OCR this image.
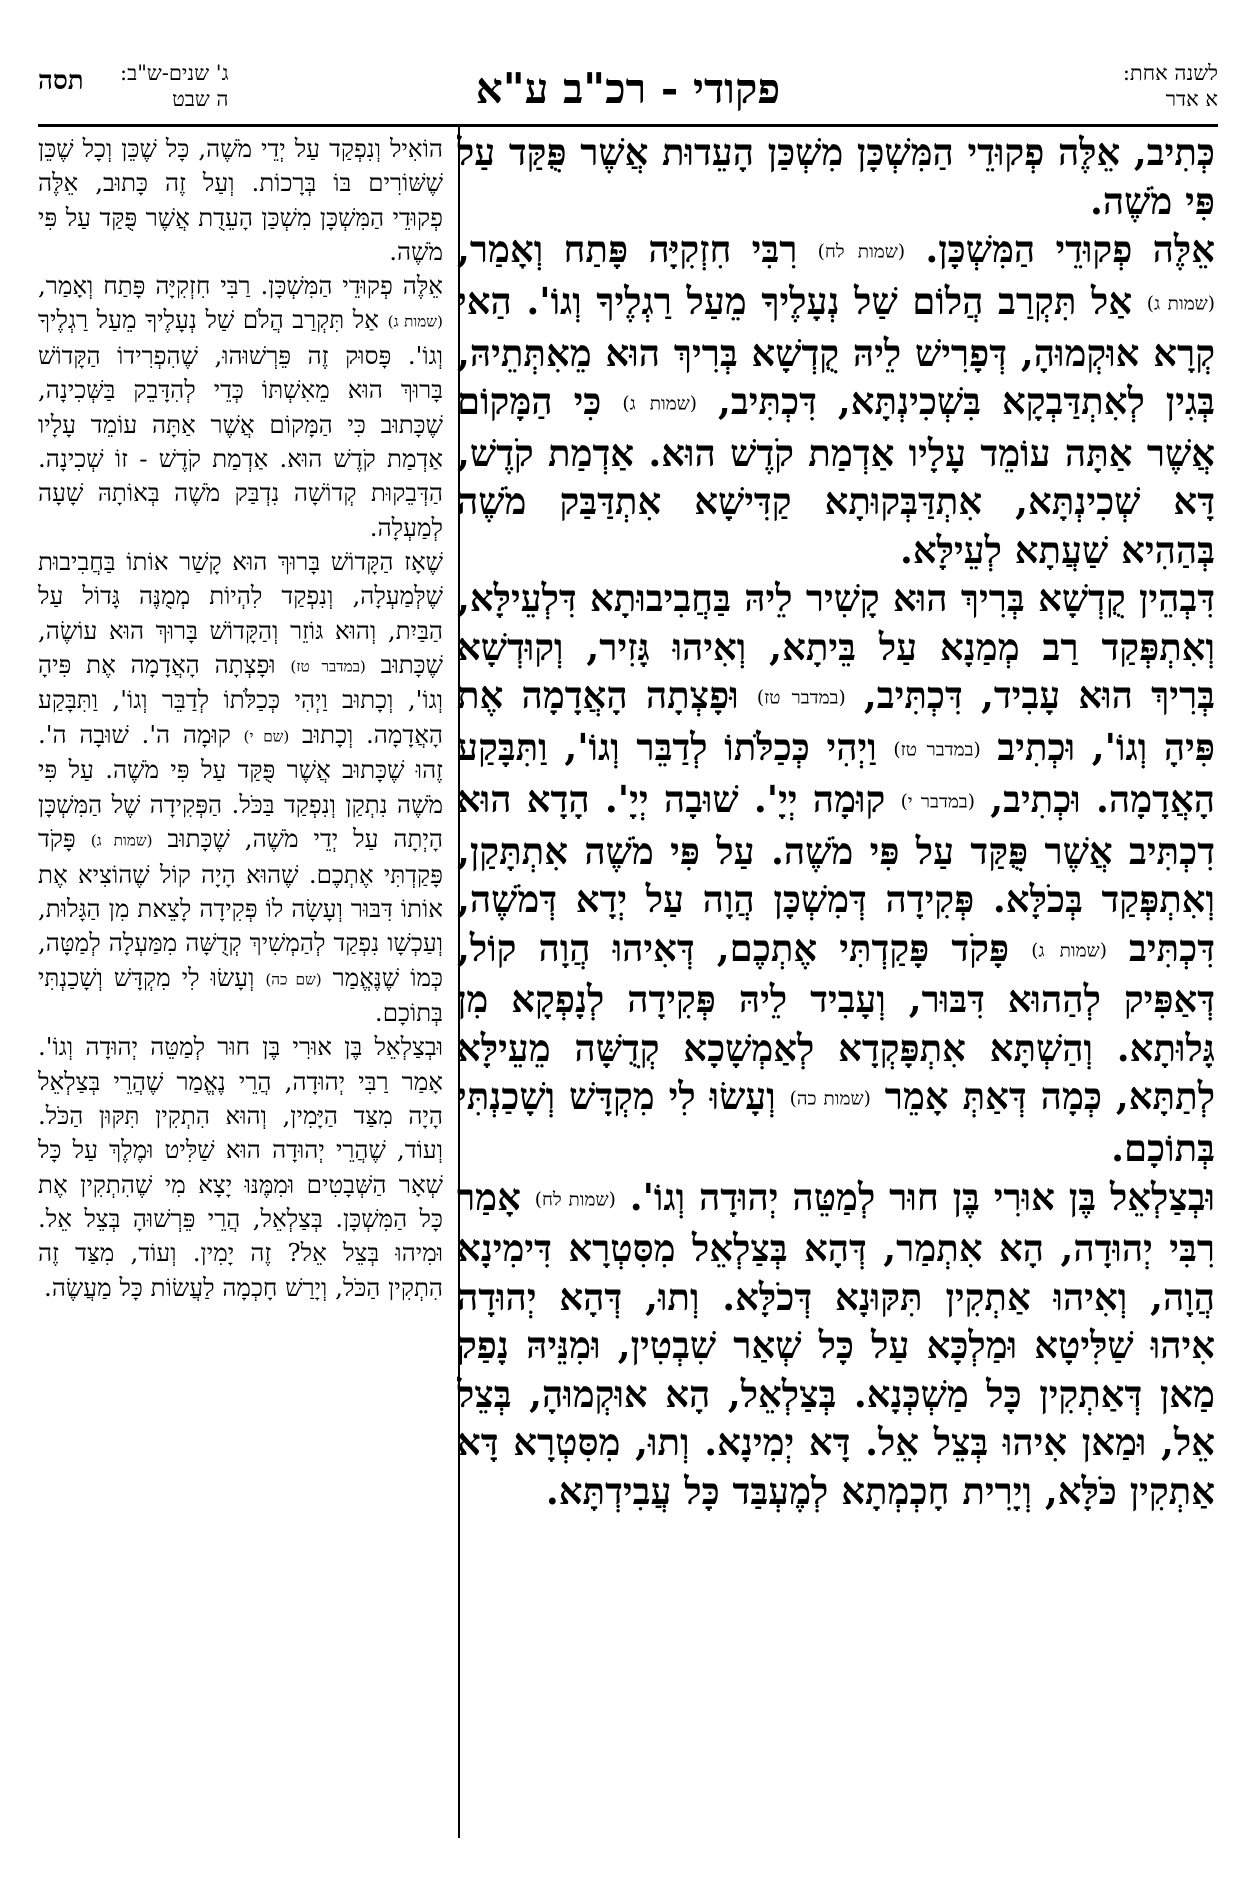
לשנה אחת:
א אדר
פקודי - רכ"ב ע"א
ג' שנים-ש"ב:
ה שבט
תסה

כְּתִיב, אֵלֶּה פְקוּדֵי הַמִּשְׁכָּן מִשְׁכַּן הָעֵדוּת אֲשֶׁר פֻּקַּד עַל פִּי מֹשֶׁה.

אֵלֶּה פְקוּדֵי הַמִּשְׁכָּן. (שמות לח) רִבִּי חִזְקִיָּה פָּתַח וְאָמַר, (שמות ג) אַל תִּקְרַב הֲלוֹם שַׁל נְעָלֶיךָ מֵעַל רַגְלֶיךָ וְגוֹ'. הַאי קְרָא אוּקְמוּהָ, דְּפָרִישׁ לֵיהּ קֻדְשָׁא בְּרִיךְ הוּא מֵאִתְּתֵיהּ, בְּגִין לְאִתְדַּבְקָא בִּשְׁכִינְתָּא, דִּכְתִּיב, (שמות ג) כִּי הַמָּקוֹם אֲשֶׁר אַתָּה עוֹמֵד עָלָיו אַדְמַת קֹדֶשׁ הוּא. אַדְמַת קֹדֶשׁ, דָּא שְׁכִינְתָּא, אִתְדַּבְּקוּתָא קַדִּישָׁא אִתְדַּבַּק מֹשֶׁה בְּהַהִיא שַׁעֲתָא לְעֵילָּא.

דִּבְהֵין קֻדְשָׁא בְּרִיךְ הוּא קָשִׁיר לֵיהּ בַּחֲבִיבוּתָא דִּלְעֵילָּא, וְאִתְפְּקַד רַב מְמַנָא עַל בֵּיתָא, וְאִיהוּ גָּזִיר, וְקוּדְשָׁא בְּרִיךְ הוּא עָבִיד, דִּכְתִּיב, (במדבר טז) וּפָצְתָה הָאֲדָמָה אֶת פִּיהָ וְגוֹ', וּכְתִיב (במדבר טז) וַיְהִי כְּכַלֹּתוֹ לְדַבֵּר וְגוֹ', וַתִּבָּקַע הָאֲדָמָה. וּכְתִיב, (במדבר י) קוּמָה יְיָ'. שׁוּבָה יְיָ'. הָדָא הוּא דִכְתִּיב אֲשֶׁר פֻּקַּד עַל פִּי מֹשֶׁה. עַל פִּי מֹשֶׁה אִתְתָּקַן, וְאִתְפְּקַד בְּכֹלָּא. פְּקִידָה דְּמִשְׁכָּן הֲוָה עַל יְדָא דְּמֹשֶׁה, דִּכְתִּיב (שמות ג) פָּקֹד פָּקַדְתִּי אֶתְכֶם, דְּאִיהוּ הֲוָה קוֹל, דְּאַפִּיק לְהַהוּא דִּבּוּר, וְעָבִיד לֵיהּ פְּקִידָה לְנָפְקָא מִן גָּלוּתָא. וְהַשְׁתָּא אִתְפָּקְדָא לְאַמְשָׁכָא קְדֻשָּׁה מֵעֵילָּא לְתַתָּא, כְּמָה דְּאַתְּ אָמֵר (שמות כה) וְעָשׂוּ לִי מִקְדָּשׁ וְשָׁכַנְתִּי בְּתוֹכָם.

וּבְצַלְאֵל בֶּן אוּרִי בֶּן חוּר לְמַטֵּה יְהוּדָה וְגוֹ'. (שמות לח) אָמַר רִבִּי יְהוּדָה, הָא אִתְמַר, דְּהָא בְּצַלְאֵל מִסִּטְרָא דִּימִינָא הֲוָה, וְאִיהוּ אַתְקִין תִּקּוּנָא דְּכֹלָּא. וְתוּ, דְּהָא יְהוּדָה אִיהוּ שַׁלִּיטָא וּמַלְכָּא עַל כָּל שְׁאַר שִׁבְטִין, וּמִנֵּיהּ נָפַק מַאן דְּאַתְקִין כָּל מַשְׁכְּנָא. בְּצַלְאֵל, הָא אוּקְמוּהָ, בְּצֵל אֵל, וּמַאן אִיהוּ בְּצֵל אֵל. דָּא יְמִינָא. וְתוּ, מִסִּטְרָא דָּא אַתְקִין כֹּלָּא, וְיָרִית חָכְמְתָא לְמֶעְבַּד כָּל עֲבִידְתָּא.

הוֹאִיל וְנִפְקַד עַל יְדֵי מֹשֶׁה, כָּל שֶׁכֵּן וְכָל שֶׁכֵּן שֶׁשּׁוֹרִים בּוֹ בְּרָכוֹת. וְעַל זֶה כָּתוּב, אֵלֶּה פְקוּדֵי הַמִּשְׁכָּן מִשְׁכַּן הָעֵדֻת אֲשֶׁר פֻּקַּד עַל פִּי מֹשֶׁה.

אֵלֶּה פְקוּדֵי הַמִּשְׁכָּן. רַבִּי חִזְקִיָּה פָּתַח וְאָמַר, (שמות ג) אַל תִּקְרַב הֲלֹם שַׁל נְעָלֶיךָ מֵעַל רַגְלֶיךָ וְגוֹ'. פָּסוּק זֶה פֵּרְשׁוּהוּ, שֶׁהִפְרִידוֹ הַקָּדוֹשׁ בָּרוּךְ הוּא מֵאִשְׁתּוֹ כְּדֵי לְהִדָּבֵק בַּשְּׁכִינָה, שֶׁכָּתוּב כִּי הַמָּקוֹם אֲשֶׁר אַתָּה עוֹמֵד עָלָיו אַדְמַת קֹדֶשׁ הוּא. אַדְמַת קֹדֶשׁ - זוֹ שְׁכִינָה. הַדְּבֵקוּת קְדוֹשָׁה נִדְבַּק מֹשֶׁה בְּאוֹתָהּ שָׁעָה לְמַעְלָה.

שֶׁאָז הַקָּדוֹשׁ בָּרוּךְ הוּא קָשַׁר אוֹתוֹ בַּחֲבִיבוּת שֶׁלְּמַעְלָה, וְנִפְקַד לִהְיוֹת מְמֻנֶּה גָּדוֹל עַל הַבַּיִת, וְהוּא גּוֹזֵר וְהַקָּדוֹשׁ בָּרוּךְ הוּא עוֹשֶׂה, שֶׁכָּתוּב (במדבר טז) וּפָצְתָה הָאֲדָמָה אֶת פִּיהָ וְגוֹ', וְכָתוּב וַיְהִי כְּכַלֹּתוֹ לְדַבֵּר וְגוֹ', וַתִּבָּקַע הָאֲדָמָה. וְכָתוּב (שם י) קוּמָה ה'. שׁוּבָה ה'. זֶהוּ שֶׁכָּתוּב אֲשֶׁר פֻּקַּד עַל פִּי מֹשֶׁה. עַל פִּי מֹשֶׁה נִתְקַן וְנִפְקַד בַּכֹּל. הַפְּקִידָה שֶׁל הַמִּשְׁכָּן הָיְתָה עַל יְדֵי מֹשֶׁה, שֶׁכָּתוּב (שמות ג) פָּקֹד פָּקַדְתִּי אֶתְכֶם. שֶׁהוּא הָיָה קוֹל שֶׁהוֹצִיא אֶת אוֹתוֹ דִּבּוּר וְעָשָׂה לוֹ פְּקִידָה לָצֵאת מִן הַגָּלוּת, וְעַכְשָׁו נִפְקַד לְהַמְשִׁיךְ קְדֻשָּׁה מִמַּעְלָה לְמַטָּה, כְּמוֹ שֶׁנֶּאֱמַר (שם כה) וְעָשׂוּ לִי מִקְדָּשׁ וְשָׁכַנְתִּי בְּתוֹכָם.

וּבְצַלְאֵל בֶּן אוּרִי בֶּן חוּר לְמַטֵּה יְהוּדָה וְגוֹ'. אָמַר רַבִּי יְהוּדָה, הֲרֵי נֶאֱמַר שֶׁהֲרֵי בְּצַלְאֵל הָיָה מִצַּד הַיָּמִין, וְהוּא הִתְקִין תִּקּוּן הַכֹּל. וְעוֹד, שֶׁהֲרֵי יְהוּדָה הוּא שַׁלִּיט וּמֶלֶךְ עַל כָּל שְׁאָר הַשְּׁבָטִים וּמִמֶּנּוּ יָצָא מִי שֶׁהִתְקִין אֶת כָּל הַמִּשְׁכָּן. בְּצַלְאֵל, הֲרֵי פֵּרְשׁוּהָ בְּצֵל אֵל. וּמִיהוּ בְּצֵל אֵל? זֶה יָמִין. וְעוֹד, מִצַּד זֶה הִתְקִין הַכֹּל, וְיָרַשׁ חָכְמָה לַעֲשׂוֹת כָּל מַעֲשֶׂה.
